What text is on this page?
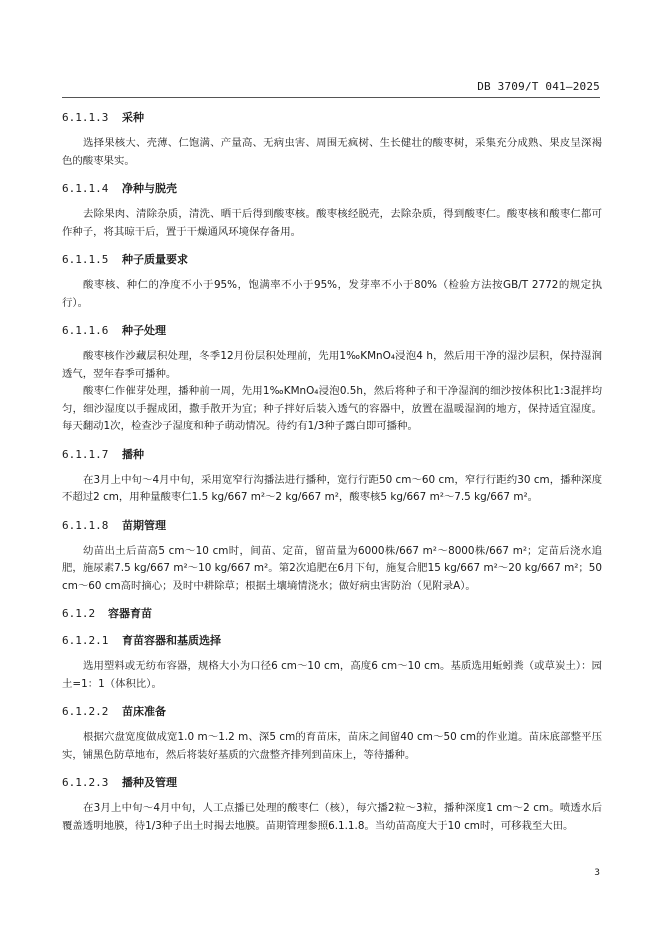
DB 3709/T 041—2025
6.1.1.3 采种

选择果核大、壳薄、仁饱满、产量高、无病虫害、周围无疯树、生长健壮的酸枣树，采集充分成熟、果皮呈深褐色的酸枣果实。

6.1.1.4 净种与脱壳

去除果肉、清除杂质，清洗、晒干后得到酸枣核。酸枣核经脱壳，去除杂质，得到酸枣仁。酸枣核和酸枣仁都可作种子，将其晾干后，置于干燥通风环境保存备用。

6.1.1.5 种子质量要求

酸枣核、种仁的净度不小于95%，饱满率不小于95%，发芽率不小于80%（检验方法按GB/T 2772的规定执行）。

6.1.1.6 种子处理

酸枣核作沙藏层积处理，冬季12月份层积处理前，先用1‰KMnO₄浸泡4 h，然后用干净的湿沙层积，保持湿润透气，翌年春季可播种。

酸枣仁作催芽处理，播种前一周，先用1‰KMnO₄浸泡0.5h，然后将种子和干净湿润的细沙按体积比1:3混拌均匀，细沙湿度以手握成团，撒手散开为宜；种子拌好后装入透气的容器中，放置在温暖湿润的地方，保持适宜湿度。每天翻动1次，检查沙子湿度和种子萌动情况。待约有1/3种子露白即可播种。

6.1.1.7 播种

在3月上中旬～4月中旬，采用宽窄行沟播法进行播种，宽行行距50 cm～60 cm，窄行行距约30 cm，播种深度不超过2 cm，用种量酸枣仁1.5 kg/667 m²～2 kg/667 m²，酸枣核5 kg/667 m²～7.5 kg/667 m²。

6.1.1.8 苗期管理

幼苗出土后苗高5 cm～10 cm时，间苗、定苗，留苗量为6000株/667 m²～8000株/667 m²；定苗后浇水追肥，施尿素7.5 kg/667 m²～10 kg/667 m²。第2次追肥在6月下旬，施复合肥15 kg/667 m²～20 kg/667 m²；50 cm～60 cm高时摘心；及时中耕除草；根据土壤墒情浇水；做好病虫害防治（见附录A）。

6.1.2 容器育苗
6.1.2.1 育苗容器和基质选择

选用塑料或无纺布容器，规格大小为口径6 cm～10 cm，高度6 cm～10 cm。基质选用蚯蚓粪（或草炭土）：园土=1：1（体积比）。

6.1.2.2 苗床准备

根据穴盘宽度做成宽1.0 m～1.2 m、深5 cm的育苗床，苗床之间留40 cm～50 cm的作业道。苗床底部整平压实，铺黑色防草地布，然后将装好基质的穴盘整齐排列到苗床上，等待播种。

6.1.2.3 播种及管理

在3月上中旬～4月中旬，人工点播已处理的酸枣仁（核），每穴播2粒～3粒，播种深度1 cm～2 cm。喷透水后覆盖透明地膜，待1/3种子出土时揭去地膜。苗期管理参照6.1.1.8。当幼苗高度大于10 cm时，可移栽至大田。

3
